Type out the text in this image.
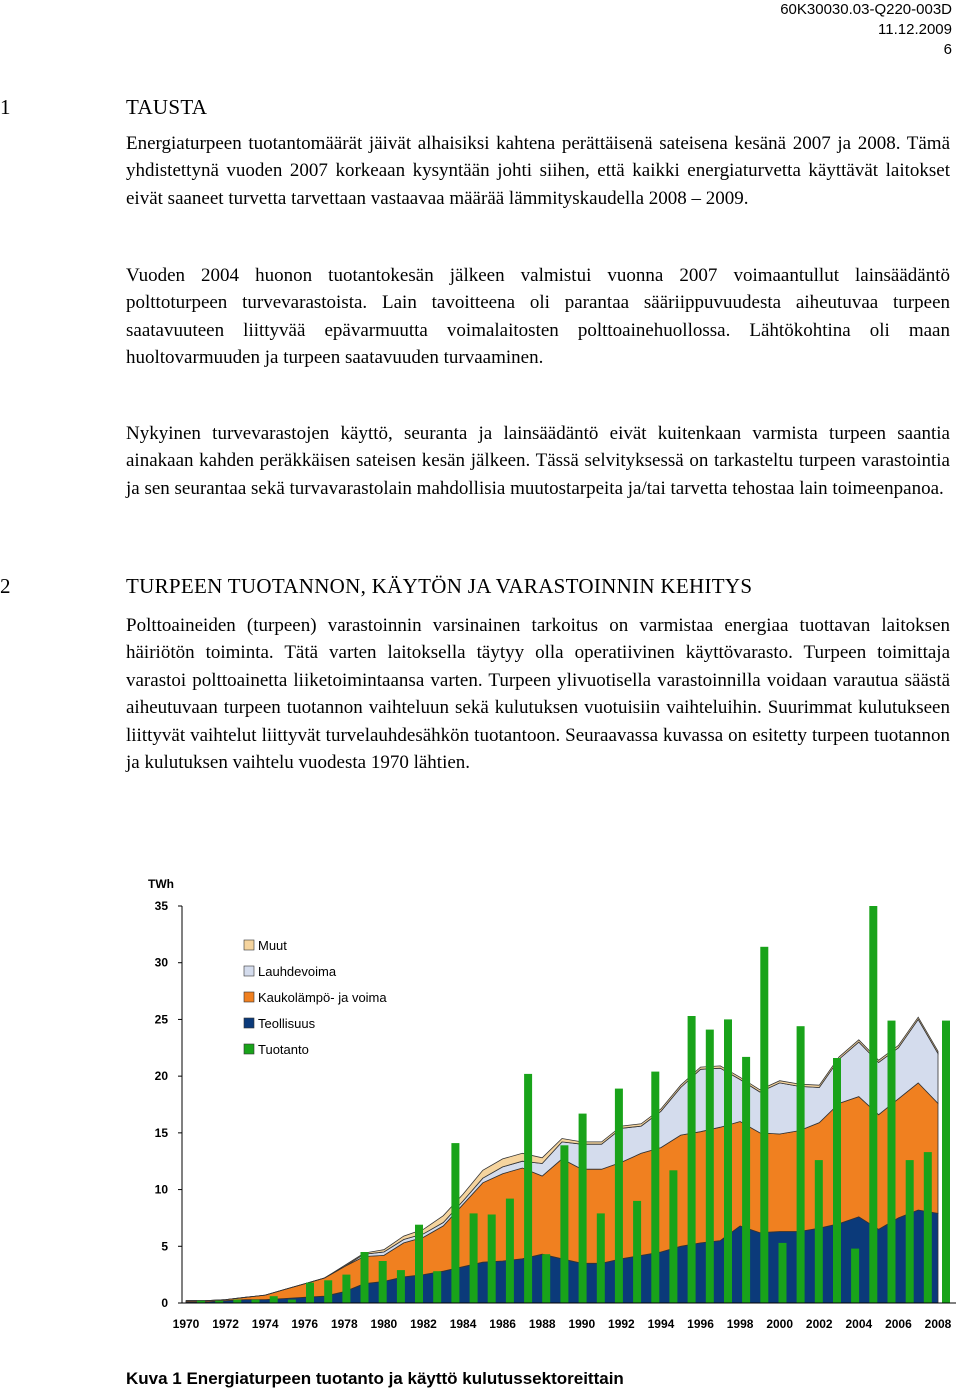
60K30030.03-Q220-003D
11.12.2009
6
1	TAUSTA
Energiaturpeen tuotantomäärät jäivät alhaisiksi kahtena perättäisenä sateisena kesänä 2007 ja 2008. Tämä yhdistettynä vuoden 2007 korkeaan kysyntään johti siihen, että kaikki energiaturvetta käyttävät laitokset eivät saaneet turvetta tarvettaan vastaavaa määrää lämmityskaudella 2008 – 2009.
Vuoden 2004 huonon tuotantokesän jälkeen valmistui vuonna 2007 voimaantullut lainsäädäntö polttoturpeen turvevarastoista. Lain tavoitteena oli parantaa sääriippuvuudesta aiheutuvaa turpeen saatavuuteen liittyvää epävarmuutta voimalaitosten polttoainehuollossa. Lähtökohtina oli maan huoltovarmuuden ja turpeen saatavuuden turvaaminen.
Nykyinen turvevarastojen käyttö, seuranta ja lainsäädäntö eivät kuitenkaan varmista turpeen saantia ainakaan kahden peräkkäisen sateisen kesän jälkeen. Tässä selvityksessä on tarkasteltu turpeen varastointia ja sen seurantaa sekä turvavarastolain mahdollisia muutostarpeita ja/tai tarvetta tehostaa lain toimeenpanoa.
2	TURPEEN TUOTANNON, KÄYTÖN JA VARASTOINNIN KEHITYS
Polttoaineiden (turpeen) varastoinnin varsinainen tarkoitus on varmistaa energiaa tuottavan laitoksen häiriötön toiminta. Tätä varten laitoksella täytyy olla operatiivinen käyttövarasto. Turpeen toimittaja varastoi polttoainetta liiketoimintaansa varten. Turpeen ylivuotisella varastoinnilla voidaan varautua säästä aiheutuvaan turpeen tuotannon vaihteluun sekä kulutuksen vuotuisiin vaihteluihin. Suurimmat kulutukseen liittyvät vaihtelut liittyvät turvelauhdesähkön tuotantoon. Seuraavassa kuvassa on esitetty turpeen tuotannon ja kulutuksen vaihtelu vuodesta 1970 lähtien.
0
5
10
15
20
25
30
35
TWh
1970 1972 1974 1976 1978 1980 1982 1984 1986 1988 1990 1992 1994 1996 1998 2000 2002 2004 2006 2008
Muut
Lauhdevoima
Kaukolämpö- ja voima
Teollisuus
Tuotanto
Kuva 1 Energiaturpeen tuotanto ja käyttö kulutussektoreittain
